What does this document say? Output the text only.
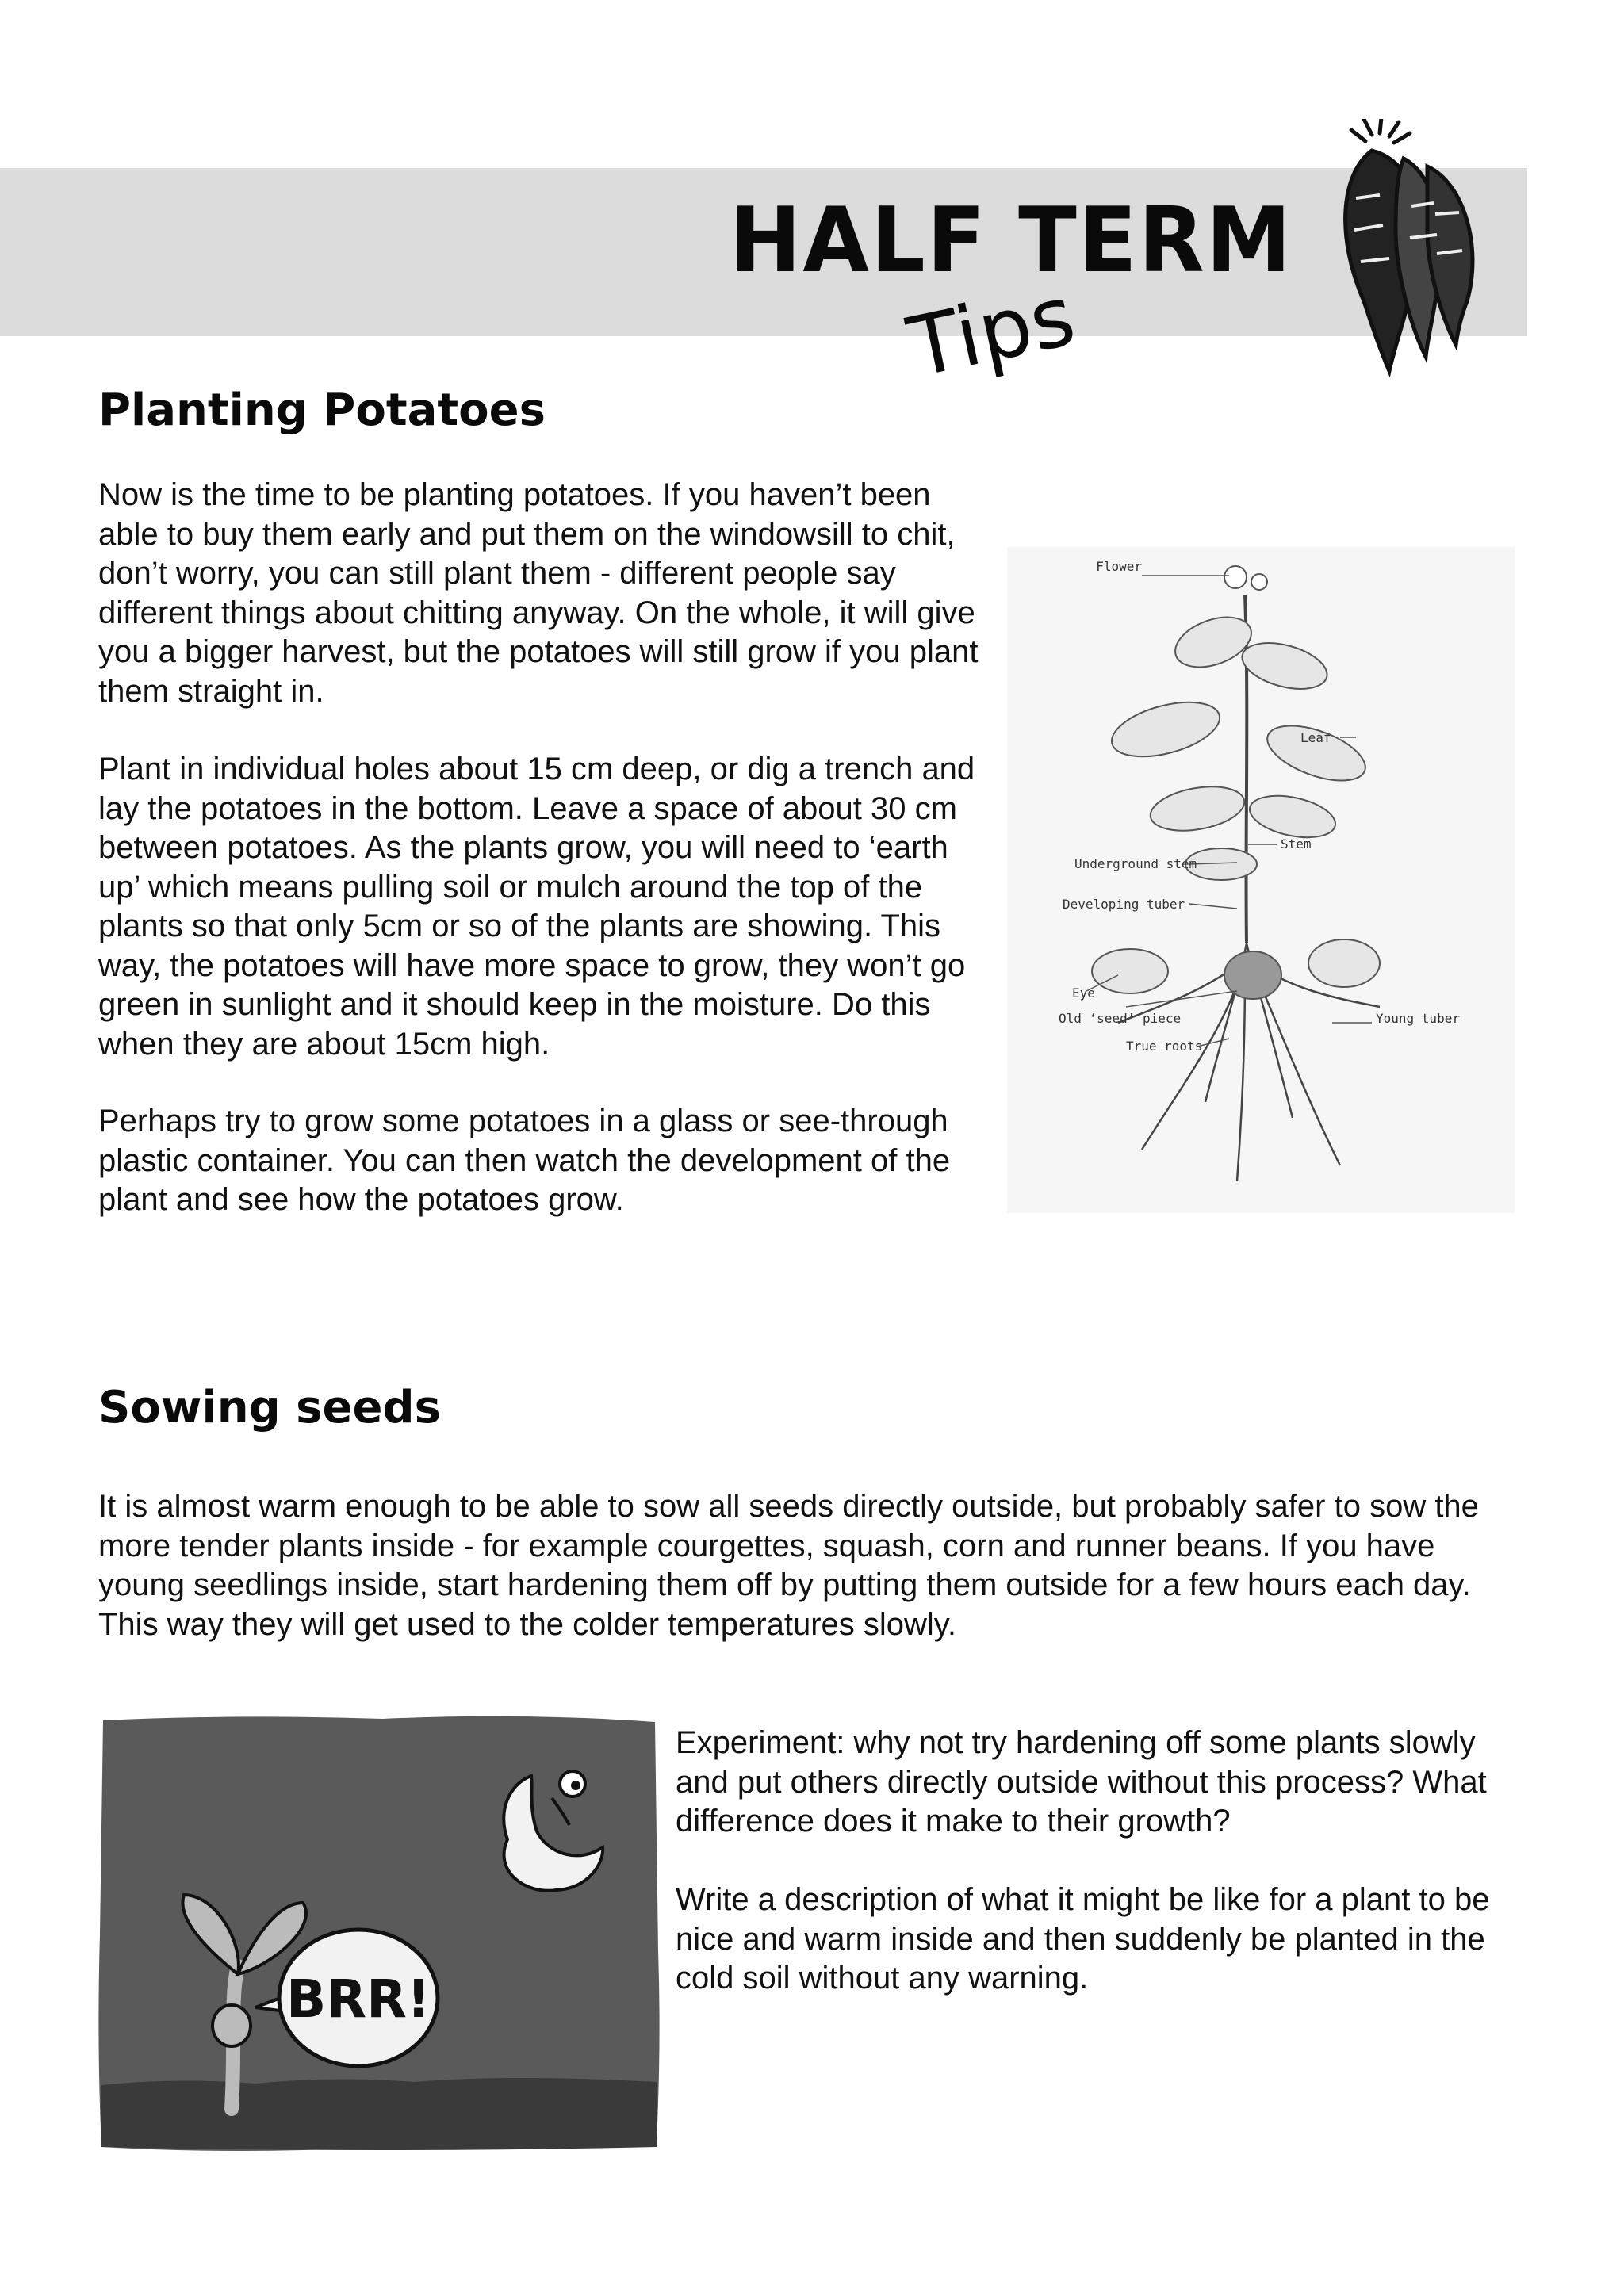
HALF TERM
Tips
Planting Potatoes

Now is the time to be planting potatoes. If you haven’t been able to buy them early and put them on the windowsill to chit, don’t worry, you can still plant them - different people say different things about chitting anyway. On the whole, it will give you a bigger harvest, but the potatoes will still grow if you plant them straight in.

Plant in individual holes about 15 cm deep, or dig a trench and lay the potatoes in the bottom. Leave a space of about 30 cm between potatoes. As the plants grow, you will need to ‘earth up’ which means pulling soil or mulch around the top of the plants so that only 5cm or so of the plants are showing. This way, the potatoes will have more space to grow, they won’t go green in sunlight and it should keep in the moisture. Do this when they are about 15cm high.

Perhaps try to grow some potatoes in a glass or see-through plastic container. You can then watch the development of the plant and see how the potatoes grow.

Flower
Leaf
Stem
Underground stem
Developing tuber
Eye
Old ‘seed’ piece	Young tuber
True roots
Sowing seeds

It is almost warm enough to be able to sow all seeds directly outside, but probably safer to sow the more tender plants inside - for example courgettes, squash, corn and runner beans. If you have young seedlings inside, start hardening them off by putting them outside for a few hours each day. This way they will get used to the colder temperatures slowly.

Experiment: why not try hardening off some plants slowly and put others directly outside without this process? What difference does it make to their growth?

Write a description of what it might be like for a plant to be nice and warm inside and then suddenly be planted in the cold soil without any warning.

BRR!
